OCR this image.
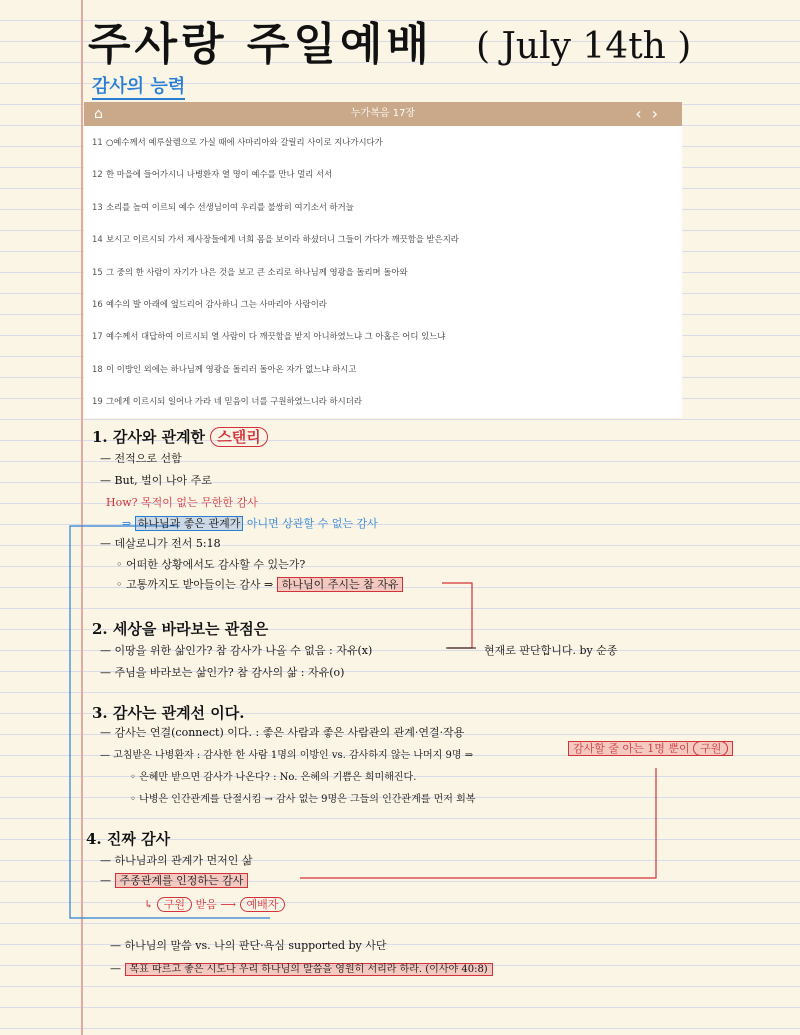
주사랑 주일예배 ( July 14th )
감사의 능력
⌂	누가복음 17장	‹›
11 ○예수께서 예루살렘으로 가실 때에 사마리아와 갈릴리 사이로 지나가시다가
12 한 마을에 들어가시니 나병환자 열 명이 예수를 만나 멀리 서서
13 소리를 높여 이르되 예수 선생님이여 우리를 불쌍히 여기소서 하거늘
14 보시고 이르시되 가서 제사장들에게 너희 몸을 보이라 하셨더니 그들이 가다가 깨끗함을 받은지라
15 그 중의 한 사람이 자기가 나은 것을 보고 큰 소리로 하나님께 영광을 돌리며 돌아와
16 예수의 발 아래에 엎드리어 감사하니 그는 사마리아 사람이라
17 예수께서 대답하여 이르시되 열 사람이 다 깨끗함을 받지 아니하였느냐 그 아홉은 어디 있느냐
18 이 이방인 외에는 하나님께 영광을 돌리러 돌아온 자가 없느냐 하시고
19 그에게 이르시되 일어나 가라 네 믿음이 너를 구원하였느니라 하시더라
1. 감사와 관계한 스탠리
— 전적으로 선함
— But, 벌이 나아 주로
How? 목적이 없는 무한한 감사
⇒ 하나님과 좋은 관계가 아니면 상관할 수 없는 감사
— 데살로니가 전서 5:18
◦ 어떠한 상황에서도 감사할 수 있는가?
◦ 고통까지도 받아들이는 감사 ⇒ 하나님이 주시는 참 자유
2. 세상을 바라보는 관점은
— 이땅을 위한 삶인가? 참 감사가 나올 수 없음 : 자유(x)	현재로 판단합니다. by 순종
— 주님을 바라보는 삶인가? 참 감사의 삶 : 자유(o)
3. 감사는 관계선 이다.
— 감사는 연결(connect) 이다. : 좋은 사람과 좋은 사람관의 관계·연결·작용
— 고침받은 나병환자 : 감사한 한 사람 1명의 이방인 vs. 감사하지 않는 나머지 9명 ⇒
감사할 줄 아는 1명 뿐이 구원
◦ 은혜만 받으면 감사가 나온다? : No. 은혜의 기쁨은 희미해진다.
◦ 나병은 인간관계를 단절시킴 → 감사 없는 9명은 그들의 인간관계를 먼저 회복
4. 진짜 감사
— 하나님과의 관계가 먼저인 삶
— 주종관계를 인정하는 감사
↳ 구원 받음 ⟶ 예배자
— 하나님의 말씀 vs. 나의 판단·욕심 supported by 사단
— 목표 따르고 좋은 시도나 우리 하나님의 말씀을 영원히 서리라 하라. (이사야 40:8)
